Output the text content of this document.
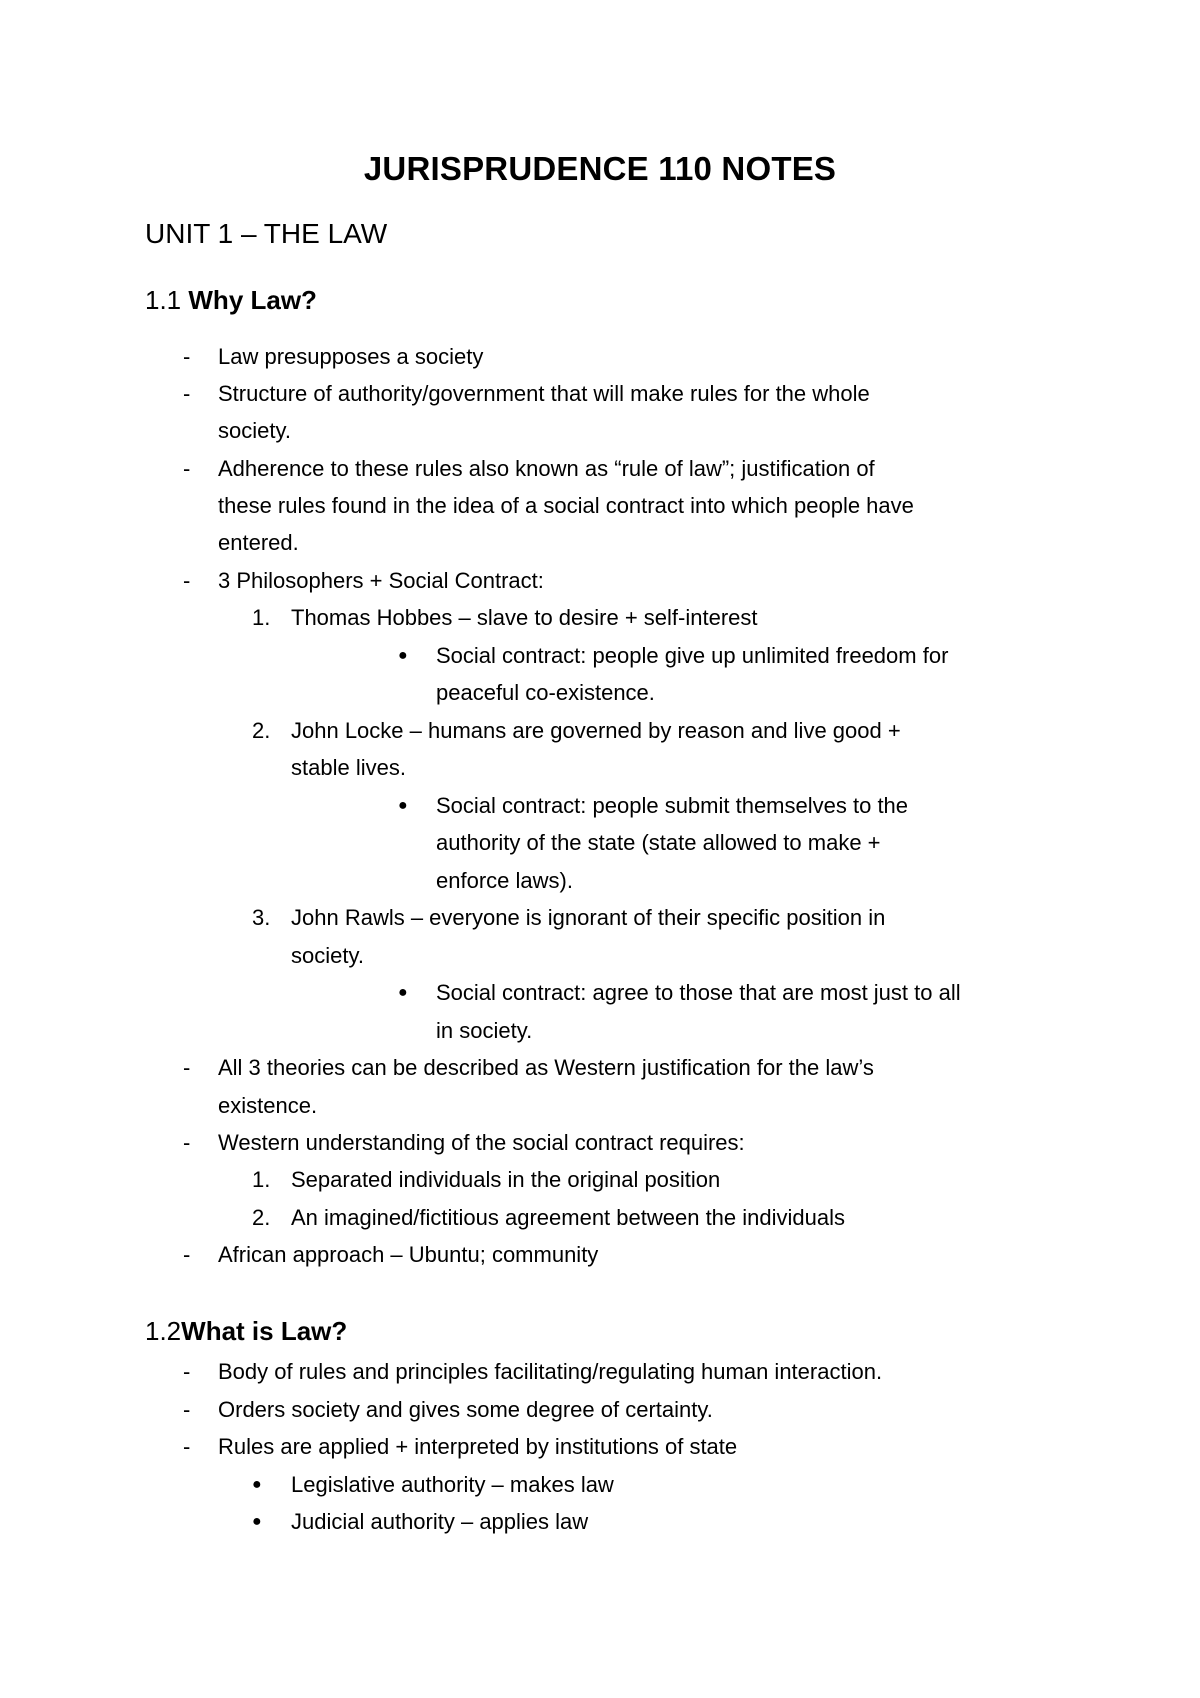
JURISPRUDENCE 110 NOTES
UNIT 1 – THE LAW
1.1 Why Law?
- Law presupposes a society
- Structure of authority/government that will make rules for the whole
society.
- Adherence to these rules also known as “rule of law”; justification of
these rules found in the idea of a social contract into which people have
entered.
- 3 Philosophers + Social Contract:
1. Thomas Hobbes – slave to desire + self-interest
● Social contract: people give up unlimited freedom for
peaceful co-existence.
2. John Locke – humans are governed by reason and live good +
stable lives.
● Social contract: people submit themselves to the
authority of the state (state allowed to make +
enforce laws).
3. John Rawls – everyone is ignorant of their specific position in
society.
● Social contract: agree to those that are most just to all
in society.
- All 3 theories can be described as Western justification for the law’s
existence.
- Western understanding of the social contract requires:
1. Separated individuals in the original position
2. An imagined/fictitious agreement between the individuals
- African approach – Ubuntu; community
1.2What is Law?
- Body of rules and principles facilitating/regulating human interaction.
- Orders society and gives some degree of certainty.
- Rules are applied + interpreted by institutions of state
● Legislative authority – makes law
● Judicial authority – applies law
